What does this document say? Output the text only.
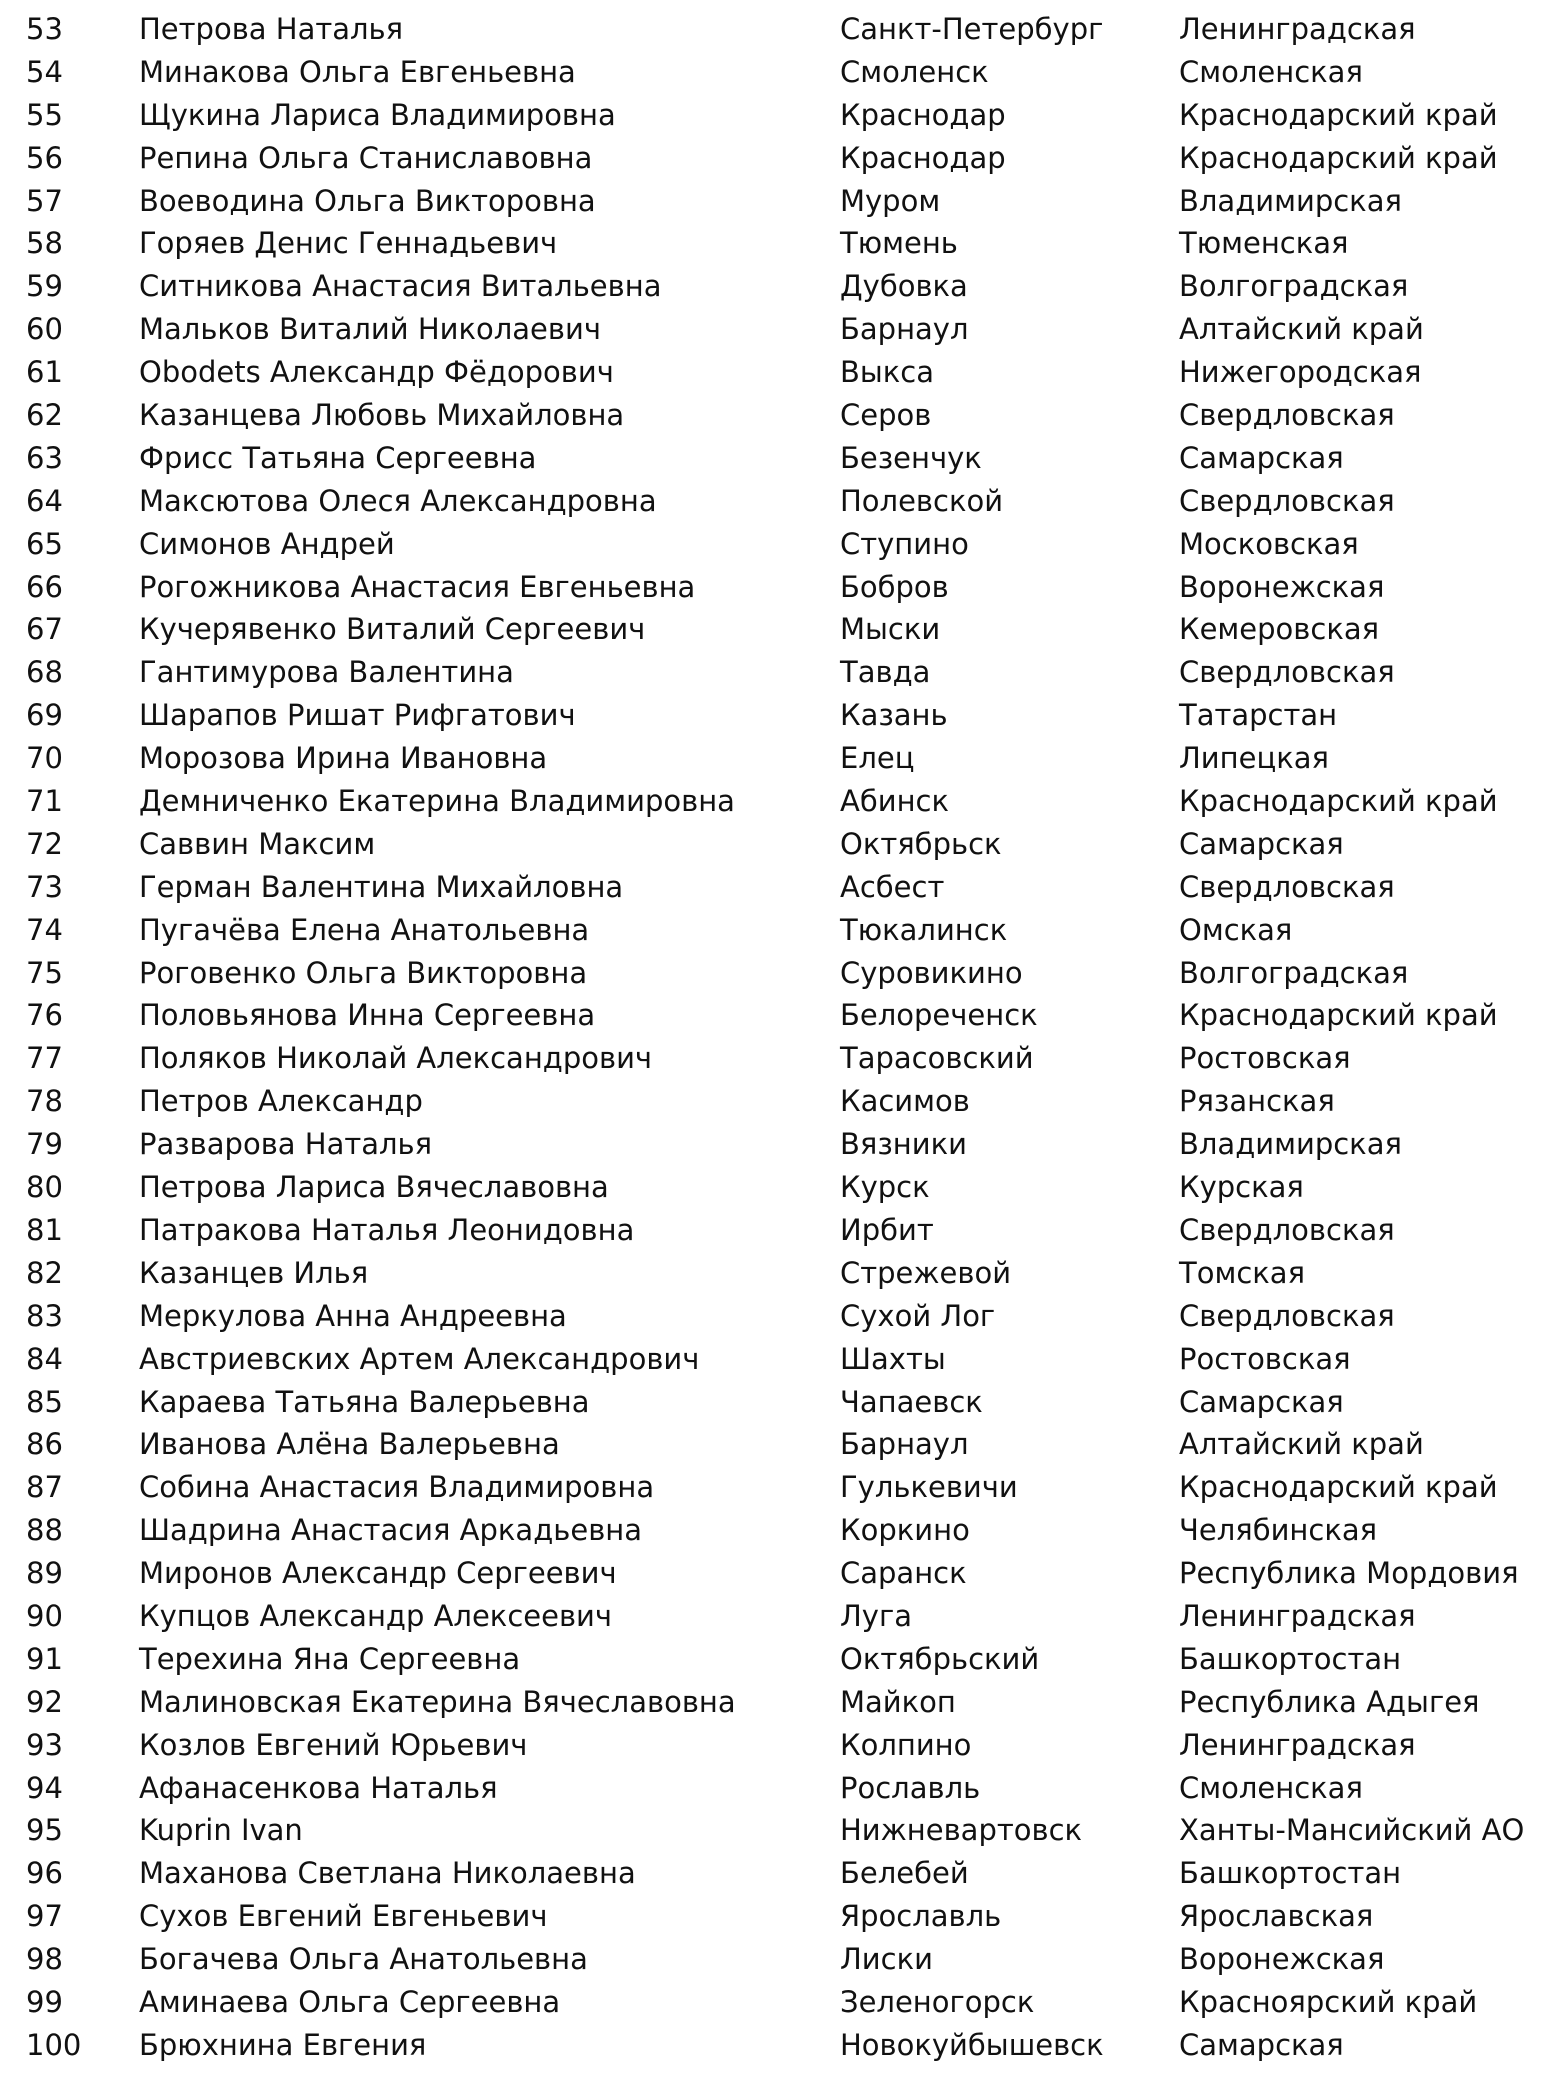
53	Петрова Наталья	Санкт-Петербург	Ленинградская
54	Минакова Ольга Евгеньевна	Смоленск	Смоленская
55	Щукина Лариса Владимировна	Краснодар	Краснодарский край
56	Репина Ольга Станиславовна	Краснодар	Краснодарский край
57	Воеводина Ольга Викторовна	Муром	Владимирская
58	Горяев Денис Геннадьевич	Тюмень	Тюменская
59	Ситникова Анастасия Витальевна	Дубовка	Волгоградская
60	Мальков Виталий Николаевич	Барнаул	Алтайский край
61	Obodets Александр Фёдорович	Выкса	Нижегородская
62	Казанцева Любовь Михайловна	Серов	Свердловская
63	Фрисс Татьяна Сергеевна	Безенчук	Самарская
64	Максютова Олеся Александровна	Полевской	Свердловская
65	Симонов Андрей	Ступино	Московская
66	Рогожникова Анастасия Евгеньевна	Бобров	Воронежская
67	Кучерявенко Виталий Сергеевич	Мыски	Кемеровская
68	Гантимурова Валентина	Тавда	Свердловская
69	Шарапов Ришат Рифгатович	Казань	Татарстан
70	Морозова Ирина Ивановна	Елец	Липецкая
71	Демниченко Екатерина Владимировна	Абинск	Краснодарский край
72	Саввин Максим	Октябрьск	Самарская
73	Герман Валентина Михайловна	Асбест	Свердловская
74	Пугачёва Елена Анатольевна	Тюкалинск	Омская
75	Роговенко Ольга Викторовна	Суровикино	Волгоградская
76	Половьянова Инна Сергеевна	Белореченск	Краснодарский край
77	Поляков Николай Александрович	Тарасовский	Ростовская
78	Петров Александр	Касимов	Рязанская
79	Разварова Наталья	Вязники	Владимирская
80	Петрова Лариса Вячеславовна	Курск	Курская
81	Патракова Наталья Леонидовна	Ирбит	Свердловская
82	Казанцев Илья	Стрежевой	Томская
83	Меркулова Анна Андреевна	Сухой Лог	Свердловская
84	Австриевских Артем Александрович	Шахты	Ростовская
85	Караева Татьяна Валерьевна	Чапаевск	Самарская
86	Иванова Алёна Валерьевна	Барнаул	Алтайский край
87	Собина Анастасия Владимировна	Гулькевичи	Краснодарский край
88	Шадрина Анастасия Аркадьевна	Коркино	Челябинская
89	Миронов Александр Сергеевич	Саранск	Республика Мордовия
90	Купцов Александр Алексеевич	Луга	Ленинградская
91	Терехина Яна Сергеевна	Октябрьский	Башкортостан
92	Малиновская Екатерина Вячеславовна	Майкоп	Республика Адыгея
93	Козлов Евгений Юрьевич	Колпино	Ленинградская
94	Афанасенкова Наталья	Рославль	Смоленская
95	Kuprin Ivan	Нижневартовск	Ханты-Мансийский АО
96	Маханова Светлана Николаевна	Белебей	Башкортостан
97	Сухов Евгений Евгеньевич	Ярославль	Ярославская
98	Богачева Ольга Анатольевна	Лиски	Воронежская
99	Аминаева Ольга Сергеевна	Зеленогорск	Красноярский край
100 Брюхнина Евгения	Новокуйбышевск	Самарская
